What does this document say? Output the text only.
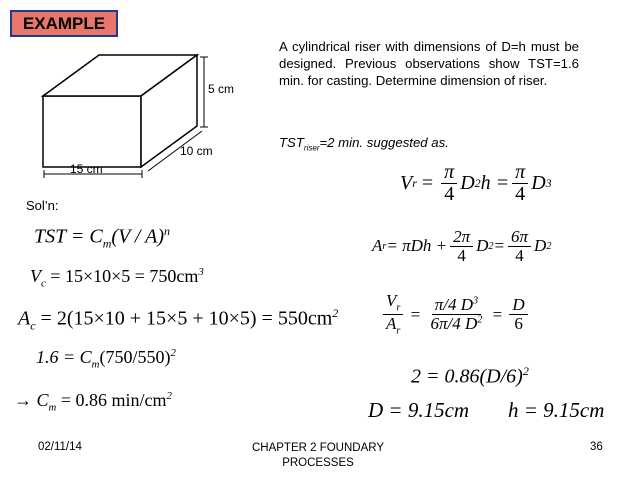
EXAMPLE
A cylindrical riser with dimensions of D=h must be designed. Previous observations show TST=1.6 min. for casting. Determine dimension of riser.
$TST_{riser}=2$ min. suggested as.
5 cm
10 cm
15 cm
Sol’n:
TST = $C_m(V / A)^n$
$V_c = 15\times 10\times 5 = 750cm^3$
$A_c = 2(15\times 10 + 15\times 5 + 10\times 5) = 550cm^2$
$1.6 = C_m(750/550)^2$
→ $C_m = 0.86$ $\min/cm^2$
V $r = \frac{\pi}{4}$ D 2 $h = \frac{\pi}{4}$ D 3
A $r = \pi Dh + \frac{2\pi}{4}$ D $2 = \frac{6\pi}{4}$ D 2
$\frac{V_r}{A_r} = \frac{\pi/4 D^3}{6\pi/4 D^2} = \frac{D}{6}$
$2 = 0.86(D/6)^2$
D = 9.15cm h = 9.15cm
02/11/14	CHAPTER 2 FOUNDARY
PROCESSES
36
